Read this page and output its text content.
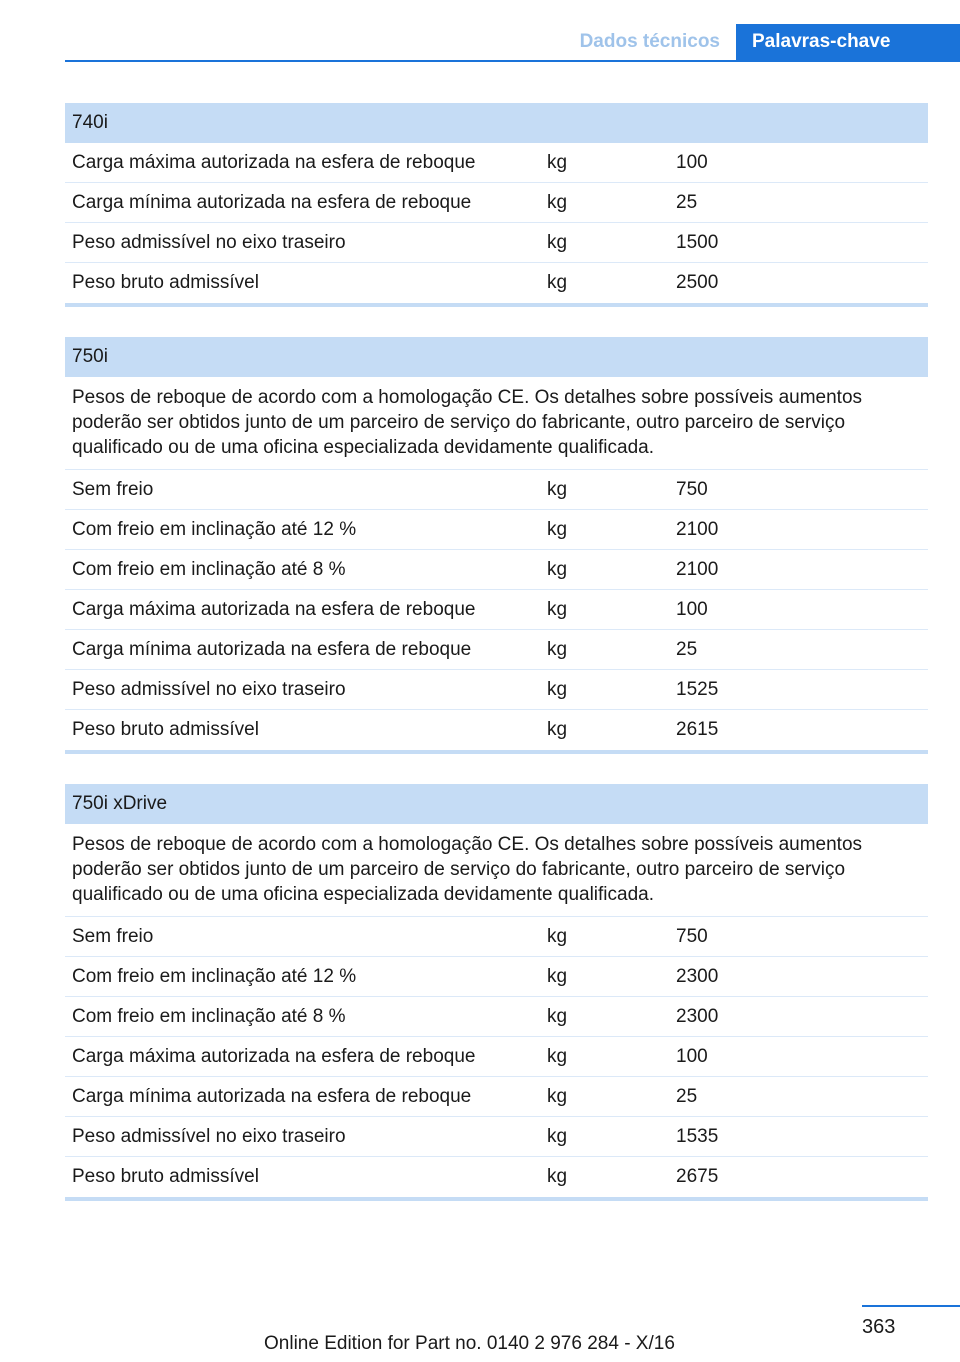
Dados técnicos	Palavras-chave
740i
Carga máxima autorizada na esfera de reboque	kg	100
Carga mínima autorizada na esfera de reboque	kg	25
Peso admissível no eixo traseiro	kg	1500
Peso bruto admissível	kg	2500
750i
Pesos de reboque de acordo com a homologação CE. Os detalhes sobre possíveis aumentos poderão ser obtidos junto de um parceiro de serviço do fabricante, outro parceiro de serviço qualificado ou de uma oficina especializada devidamente qualificada.
Sem freio	kg	750
Com freio em inclinação até 12 %	kg	2100
Com freio em inclinação até 8 %	kg	2100
Carga máxima autorizada na esfera de reboque	kg	100
Carga mínima autorizada na esfera de reboque	kg	25
Peso admissível no eixo traseiro	kg	1525
Peso bruto admissível	kg	2615
750i xDrive
Pesos de reboque de acordo com a homologação CE. Os detalhes sobre possíveis aumentos poderão ser obtidos junto de um parceiro de serviço do fabricante, outro parceiro de serviço qualificado ou de uma oficina especializada devidamente qualificada.
Sem freio	kg	750
Com freio em inclinação até 12 %	kg	2300
Com freio em inclinação até 8 %	kg	2300
Carga máxima autorizada na esfera de reboque	kg	100
Carga mínima autorizada na esfera de reboque	kg	25
Peso admissível no eixo traseiro	kg	1535
Peso bruto admissível	kg	2675
363
Online Edition for Part no. 0140 2 976 284 - X/16
